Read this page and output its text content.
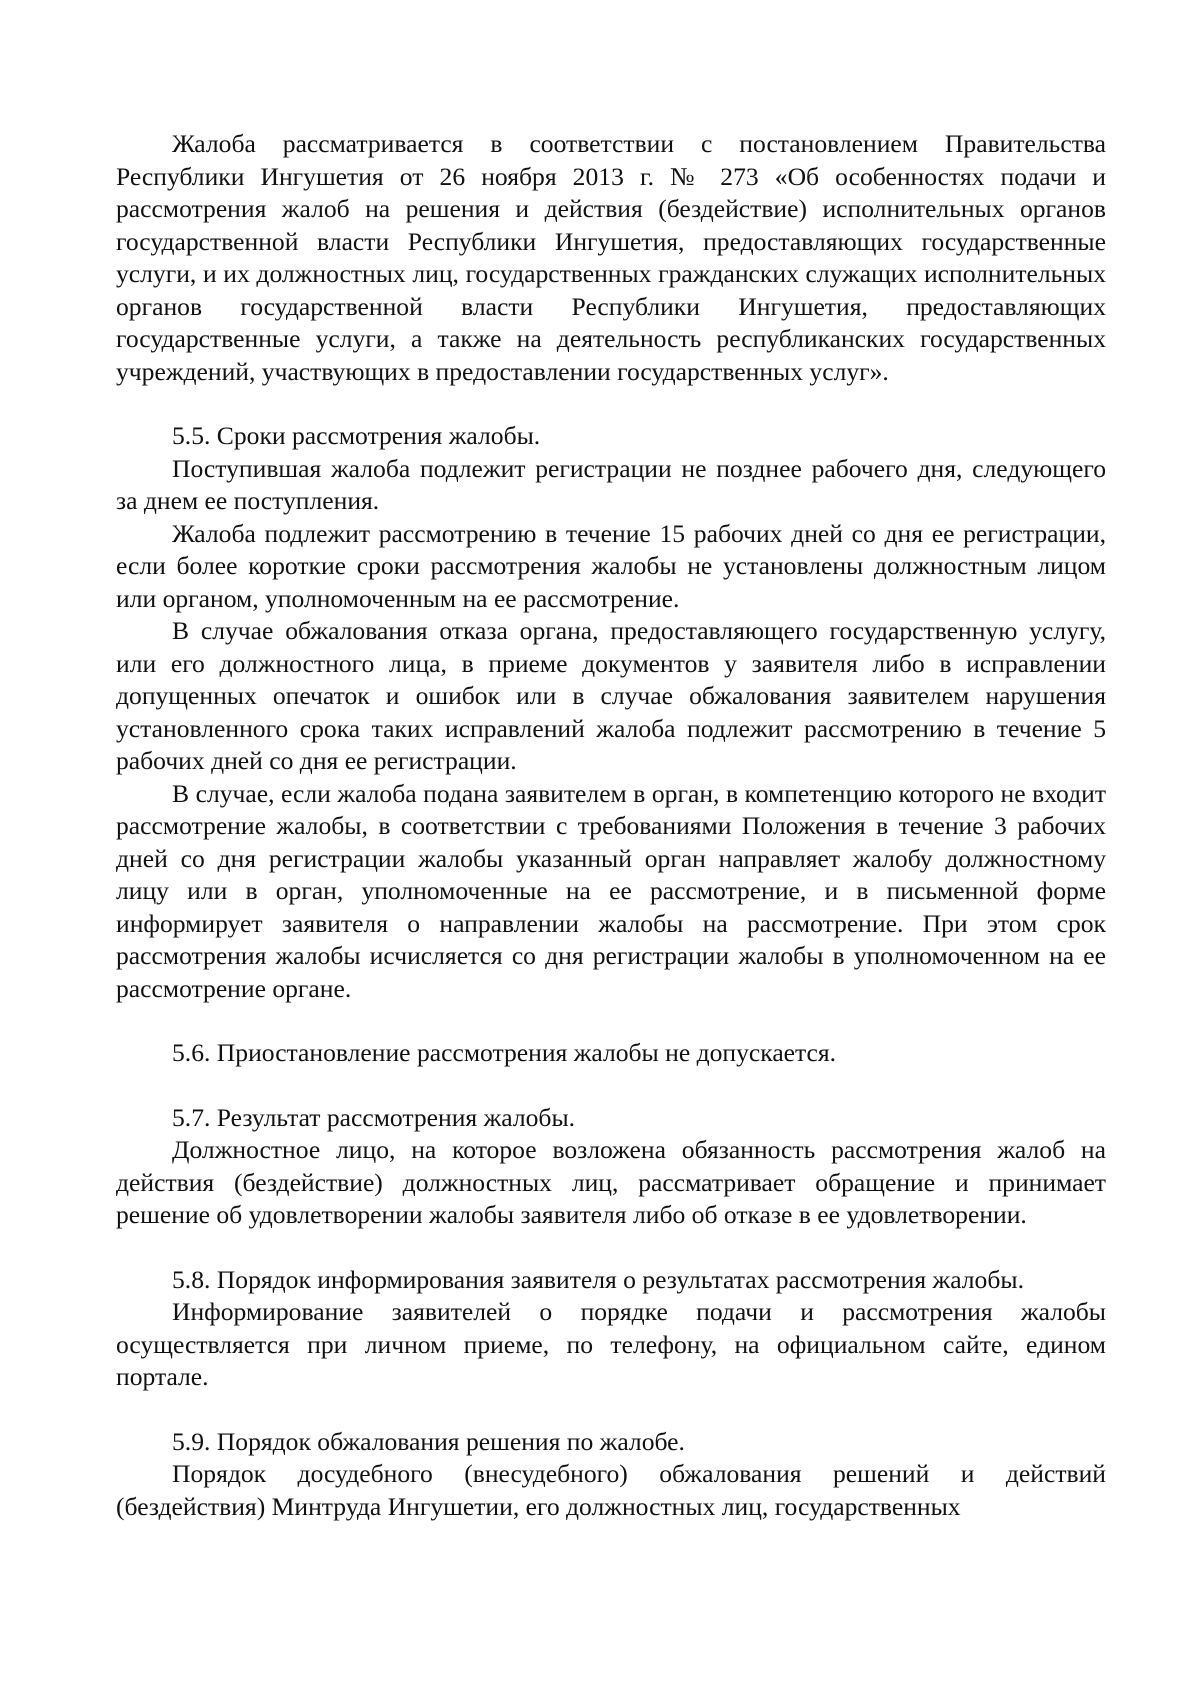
Жалоба рассматривается в соответствии с постановлением Правительства Республики Ингушетия от 26 ноября 2013 г. № 273 «Об особенностях подачи и рассмотрения жалоб на решения и действия (бездействие) исполнительных органов государственной власти Республики Ингушетия, предоставляющих государственные услуги, и их должностных лиц, государственных гражданских служащих исполнительных органов государственной власти Республики Ингушетия, предоставляющих государственные услуги, а также на деятельность республиканских государственных учреждений, участвующих в предоставлении государственных услуг».

5.5. Сроки рассмотрения жалобы.

Поступившая жалоба подлежит регистрации не позднее рабочего дня, следующего за днем ее поступления.

Жалоба подлежит рассмотрению в течение 15 рабочих дней со дня ее регистрации, если более короткие сроки рассмотрения жалобы не установлены должностным лицом или органом, уполномоченным на ее рассмотрение.

В случае обжалования отказа органа, предоставляющего государственную услугу, или его должностного лица, в приеме документов у заявителя либо в исправлении допущенных опечаток и ошибок или в случае обжалования заявителем нарушения установленного срока таких исправлений жалоба подлежит рассмотрению в течение 5 рабочих дней со дня ее регистрации.

В случае, если жалоба подана заявителем в орган, в компетенцию которого не входит рассмотрение жалобы, в соответствии с требованиями Положения в течение 3 рабочих дней со дня регистрации жалобы указанный орган направляет жалобу должностному лицу или в орган, уполномоченные на ее рассмотрение, и в письменной форме информирует заявителя о направлении жалобы на рассмотрение. При этом срок рассмотрения жалобы исчисляется со дня регистрации жалобы в уполномоченном на ее рассмотрение органе.

5.6. Приостановление рассмотрения жалобы не допускается.

5.7. Результат рассмотрения жалобы.

Должностное лицо, на которое возложена обязанность рассмотрения жалоб на действия (бездействие) должностных лиц, рассматривает обращение и принимает решение об удовлетворении жалобы заявителя либо об отказе в ее удовлетворении.

5.8. Порядок информирования заявителя о результатах рассмотрения жалобы.

Информирование заявителей о порядке подачи и рассмотрения жалобы осуществляется при личном приеме, по телефону, на официальном сайте, едином портале.

5.9. Порядок обжалования решения по жалобе.

Порядок досудебного (внесудебного) обжалования решений и действий (бездействия) Минтруда Ингушетии, его должностных лиц, государственных
